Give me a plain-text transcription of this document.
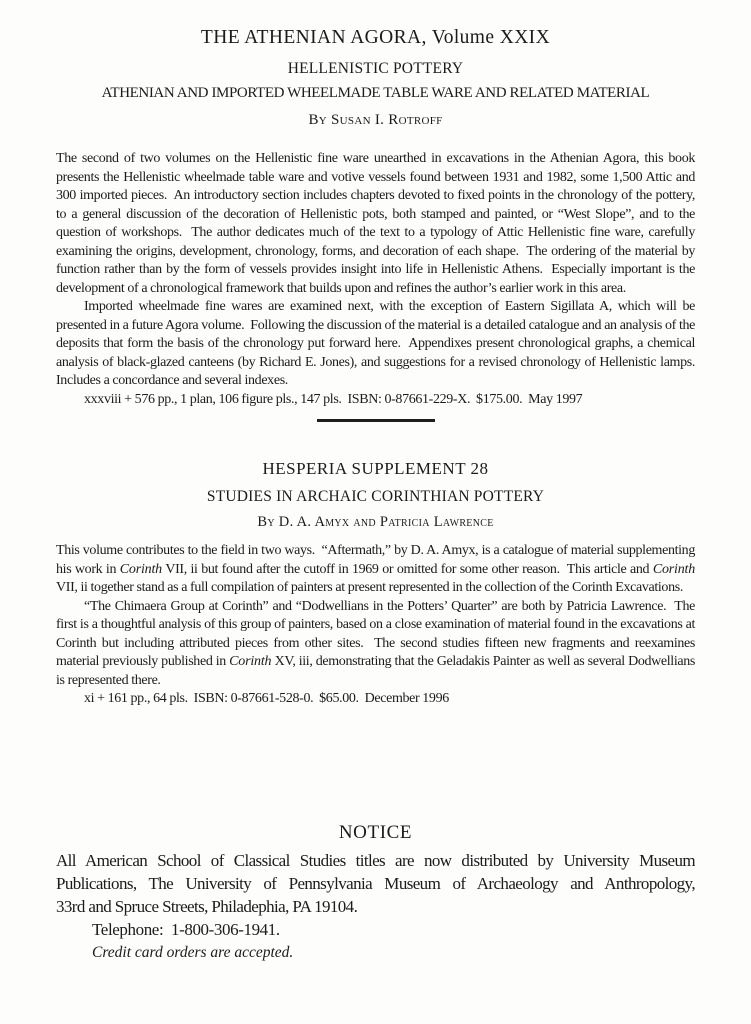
THE ATHENIAN AGORA, Volume XXIX
HELLENISTIC POTTERY
ATHENIAN AND IMPORTED WHEELMADE TABLE WARE AND RELATED MATERIAL
By Susan I. Rotroff

The second of two volumes on the Hellenistic fine ware unearthed in excavations in the Athenian Agora, this book presents the Hellenistic wheelmade table ware and votive vessels found between 1931 and 1982, some 1,500 Attic and 300 imported pieces.  An introductory section includes chapters devoted to fixed points in the chronology of the pottery, to a general discussion of the decoration of Hellenistic pots, both stamped and painted, or “West Slope”, and to the question of workshops.  The author dedicates much of the text to a typology of Attic Hellenistic fine ware, carefully examining the origins, development, chronology, forms, and decoration of each shape.  The ordering of the material by function rather than by the form of vessels provides insight into life in Hellenistic Athens.  Especially important is the development of a chronological framework that builds upon and refines the author’s earlier work in this area.

Imported wheelmade fine wares are examined next, with the exception of Eastern Sigillata A, which will be presented in a future Agora volume.  Following the discussion of the material is a detailed catalogue and an analysis of the deposits that form the basis of the chronology put forward here.  Appendixes present chronological graphs, a chemical analysis of black-glazed canteens (by Richard E. Jones), and suggestions for a revised chronology of Hellenistic lamps.  Includes a concordance and several indexes.

xxxviii + 576 pp., 1 plan, 106 figure pls., 147 pls.  ISBN: 0-87661-229-X.  $175.00.  May 1997

HESPERIA SUPPLEMENT 28
STUDIES IN ARCHAIC CORINTHIAN POTTERY
By D. A. Amyx and Patricia Lawrence

This volume contributes to the field in two ways.  “Aftermath,” by D. A. Amyx, is a catalogue of material supplementing his work in Corinth VII, ii but found after the cutoff in 1969 or omitted for some other reason.  This article and Corinth VII, ii together stand as a full compilation of painters at present represented in the collection of the Corinth Excavations.

“The Chimaera Group at Corinth” and “Dodwellians in the Potters’ Quarter” are both by Patricia Lawrence.  The first is a thoughtful analysis of this group of painters, based on a close examination of material found in the excavations at Corinth but including attributed pieces from other sites.  The second studies fifteen new fragments and reexamines material previously published in Corinth XV, iii, demonstrating that the Geladakis Painter as well as several Dodwellians is represented there.

xi + 161 pp., 64 pls.  ISBN: 0-87661-528-0.  $65.00.  December 1996

NOTICE
All American School of Classical Studies titles are now distributed by University Museum
Publications, The University of Pennsylvania Museum of Archaeology and Anthropology,
33rd and Spruce Streets, Philadephia, PA 19104.
Telephone:  1-800-306-1941.
Credit card orders are accepted.
